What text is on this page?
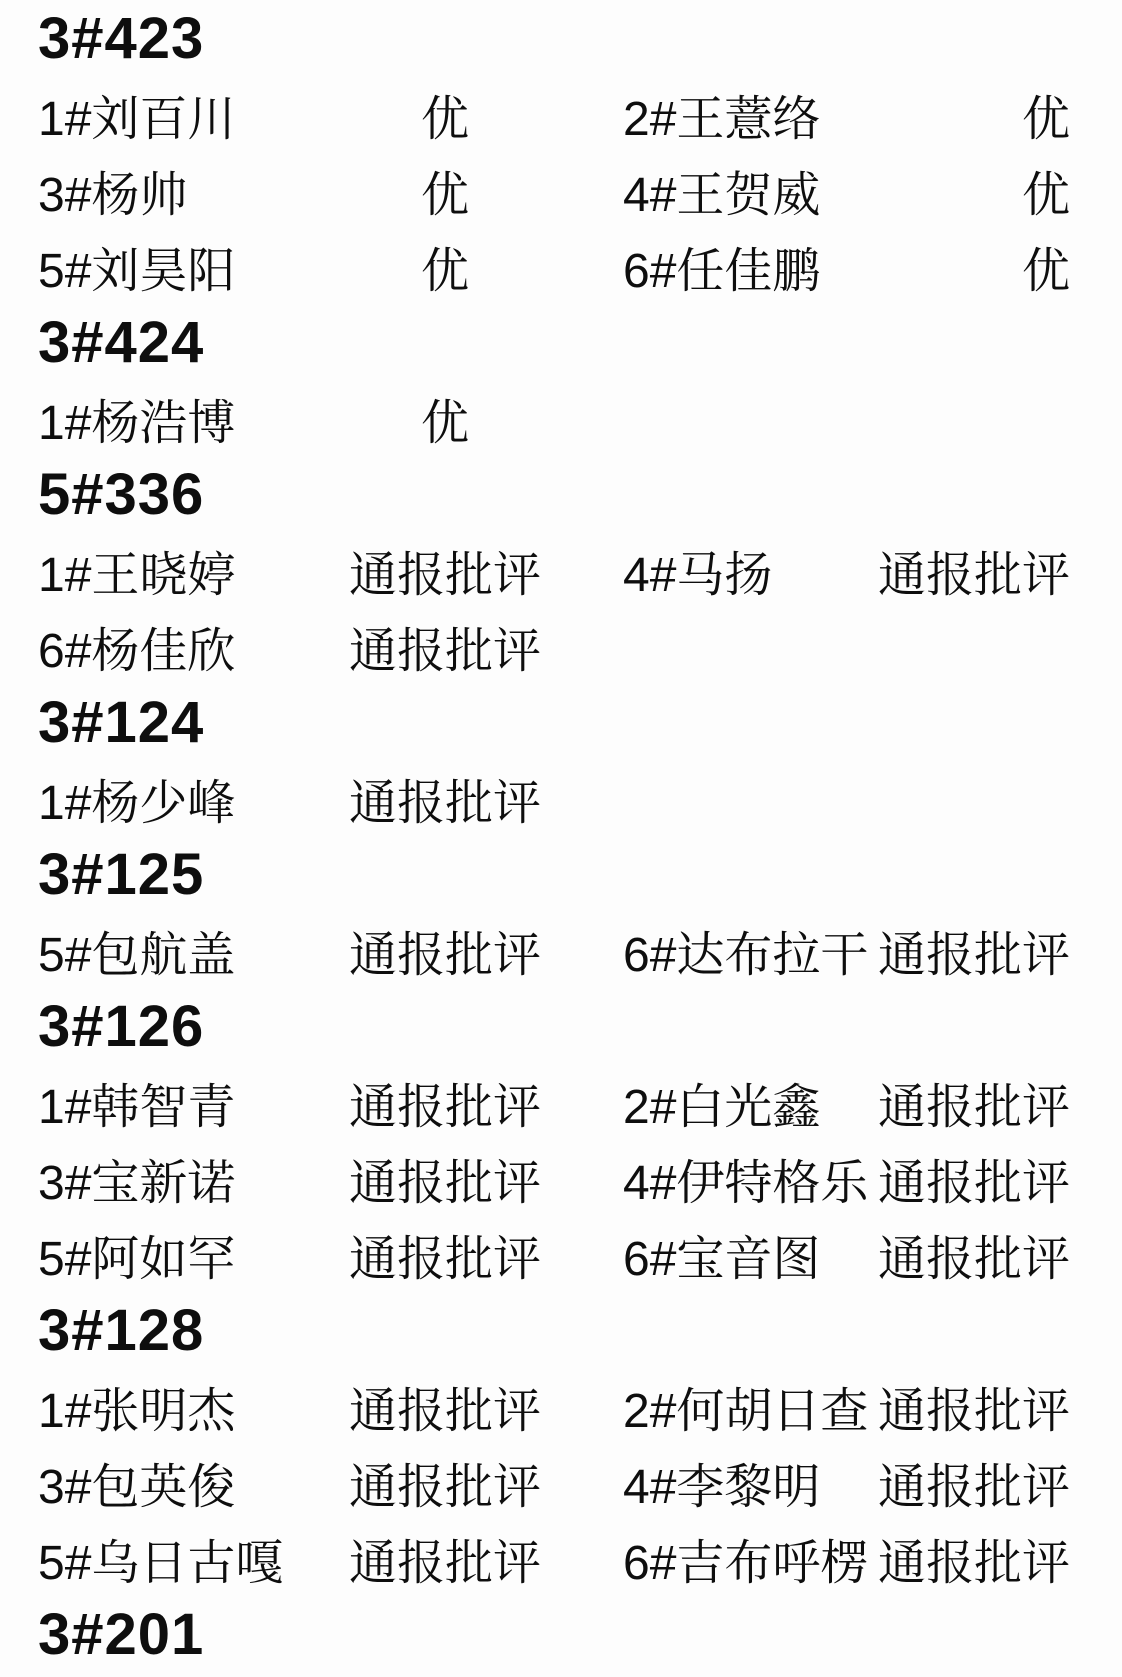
3#423
1#刘百川	优	2#王薏络	优
3#杨帅	优	4#王贺威	优
5#刘昊阳	优	6#任佳鹏	优
3#424
1#杨浩博	优
5#336
1#王晓婷	通报批评	4#马扬	通报批评
6#杨佳欣	通报批评
3#124
1#杨少峰	通报批评
3#125
5#包航盖	通报批评	6#达布拉干 通报批评
3#126
1#韩智青	通报批评	2#白光鑫	通报批评
3#宝新诺	通报批评	4#伊特格乐 通报批评
5#阿如罕	通报批评	6#宝音图	通报批评
3#128
1#张明杰	通报批评	2#何胡日查 通报批评
3#包英俊	通报批评	4#李黎明	通报批评
5#乌日古嘎	通报批评	6#吉布呼楞 通报批评
3#201
